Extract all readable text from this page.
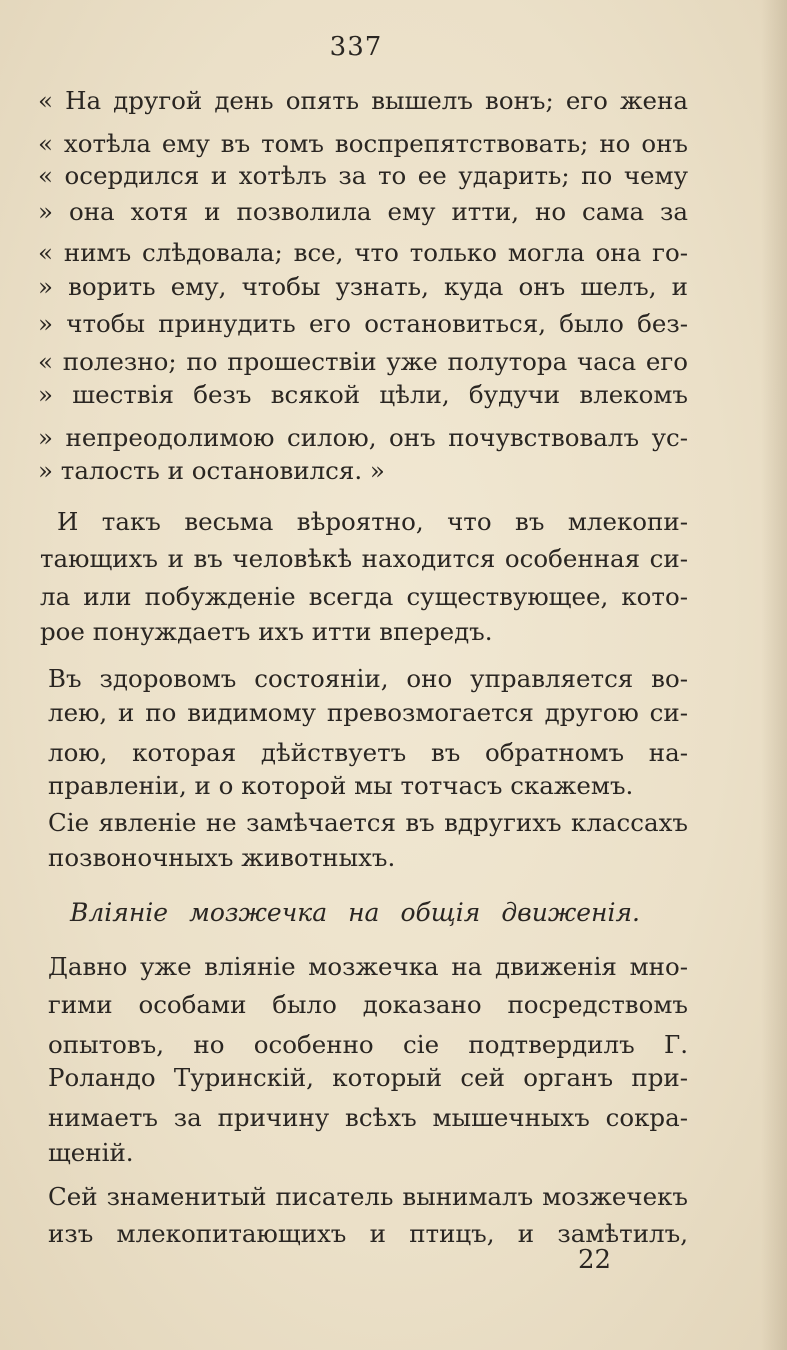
337
« На другой день опять вышелъ вонъ; его жена
« хотѣла ему въ томъ воспрепятствовать; но онъ
« осердился и хотѣлъ за то ее ударить; по чему
» она хотя и позволила ему итти, но сама за
« нимъ слѣдовала; все, что только могла она го-
» ворить ему, чтобы узнать, куда онъ шелъ, и
» чтобы принудить его остановиться, было без-
« полезно; по прошествіи уже полутора часа его
» шествія безъ всякой цѣли, будучи влекомъ
» непреодолимою силою, онъ почувствовалъ ус-
» талость и остановился. »
И такъ весьма вѣроятно, что въ млекопи-
тающихъ и въ человѣкѣ находится особенная си-
ла или побужденіе всегда существующее, кото-
рое понуждаетъ ихъ итти впередъ.
Въ здоровомъ состояніи, оно управляется во-
лею, и по видимому превозмогается другою си-
лою, которая дѣйствуетъ въ обратномъ на-
правленіи, и о которой мы тотчасъ скажемъ.
Сіе явленіе не замѣчается въ вдругихъ классахъ
позвоночныхъ животныхъ.
Вліяніе мозжечка на общія движенія.
Давно уже вліяніе мозжечка на движенія мно-
гими особами было доказано посредствомъ
опытовъ, но особенно сіе подтвердилъ Г.
Роландо Туринскій, который сей органъ при-
нимаетъ за причину всѣхъ мышечныхъ сокра-
щеній.
Сей знаменитый писатель вынималъ мозжечекъ
изъ млекопитающихъ и птицъ, и замѣтилъ,
22
